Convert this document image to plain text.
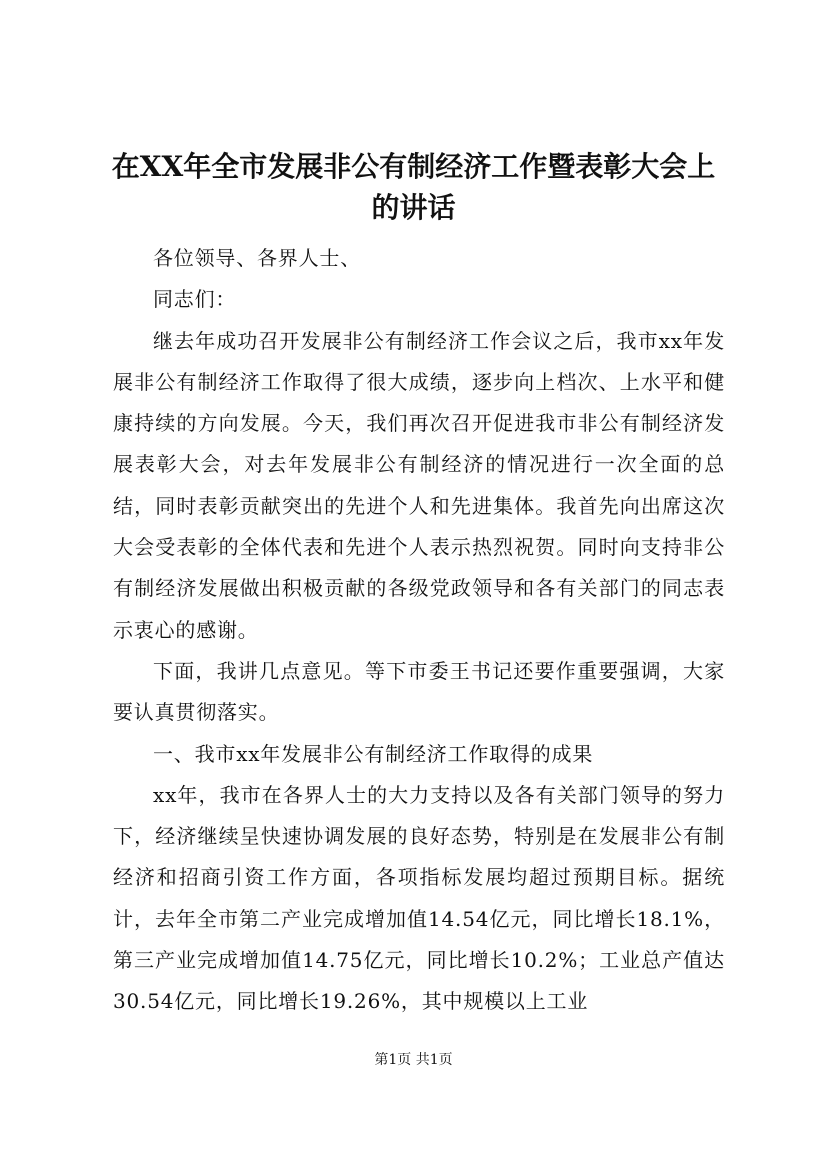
在XX年全市发展非公有制经济工作暨表彰大会上的讲话

各位领导、各界人士、

同志们：

继去年成功召开发展非公有制经济工作会议之后，我市xx年发展非公有制经济工作取得了很大成绩，逐步向上档次、上水平和健康持续的方向发展。今天，我们再次召开促进我市非公有制经济发展表彰大会，对去年发展非公有制经济的情况进行一次全面的总结，同时表彰贡献突出的先进个人和先进集体。我首先向出席这次大会受表彰的全体代表和先进个人表示热烈祝贺。同时向支持非公有制经济发展做出积极贡献的各级党政领导和各有关部门的同志表示衷心的感谢。

下面，我讲几点意见。等下市委王书记还要作重要强调，大家要认真贯彻落实。

一、我市xx年发展非公有制经济工作取得的成果

xx年，我市在各界人士的大力支持以及各有关部门领导的努力下，经济继续呈快速协调发展的良好态势，特别是在发展非公有制经济和招商引资工作方面，各项指标发展均超过预期目标。据统计，去年全市第二产业完成增加值14.54亿元，同比增长18.1%，第三产业完成增加值14.75亿元，同比增长10.2%；工业总产值达30.54亿元，同比增长19.26%，其中规模以上工业

第1页 共1页
